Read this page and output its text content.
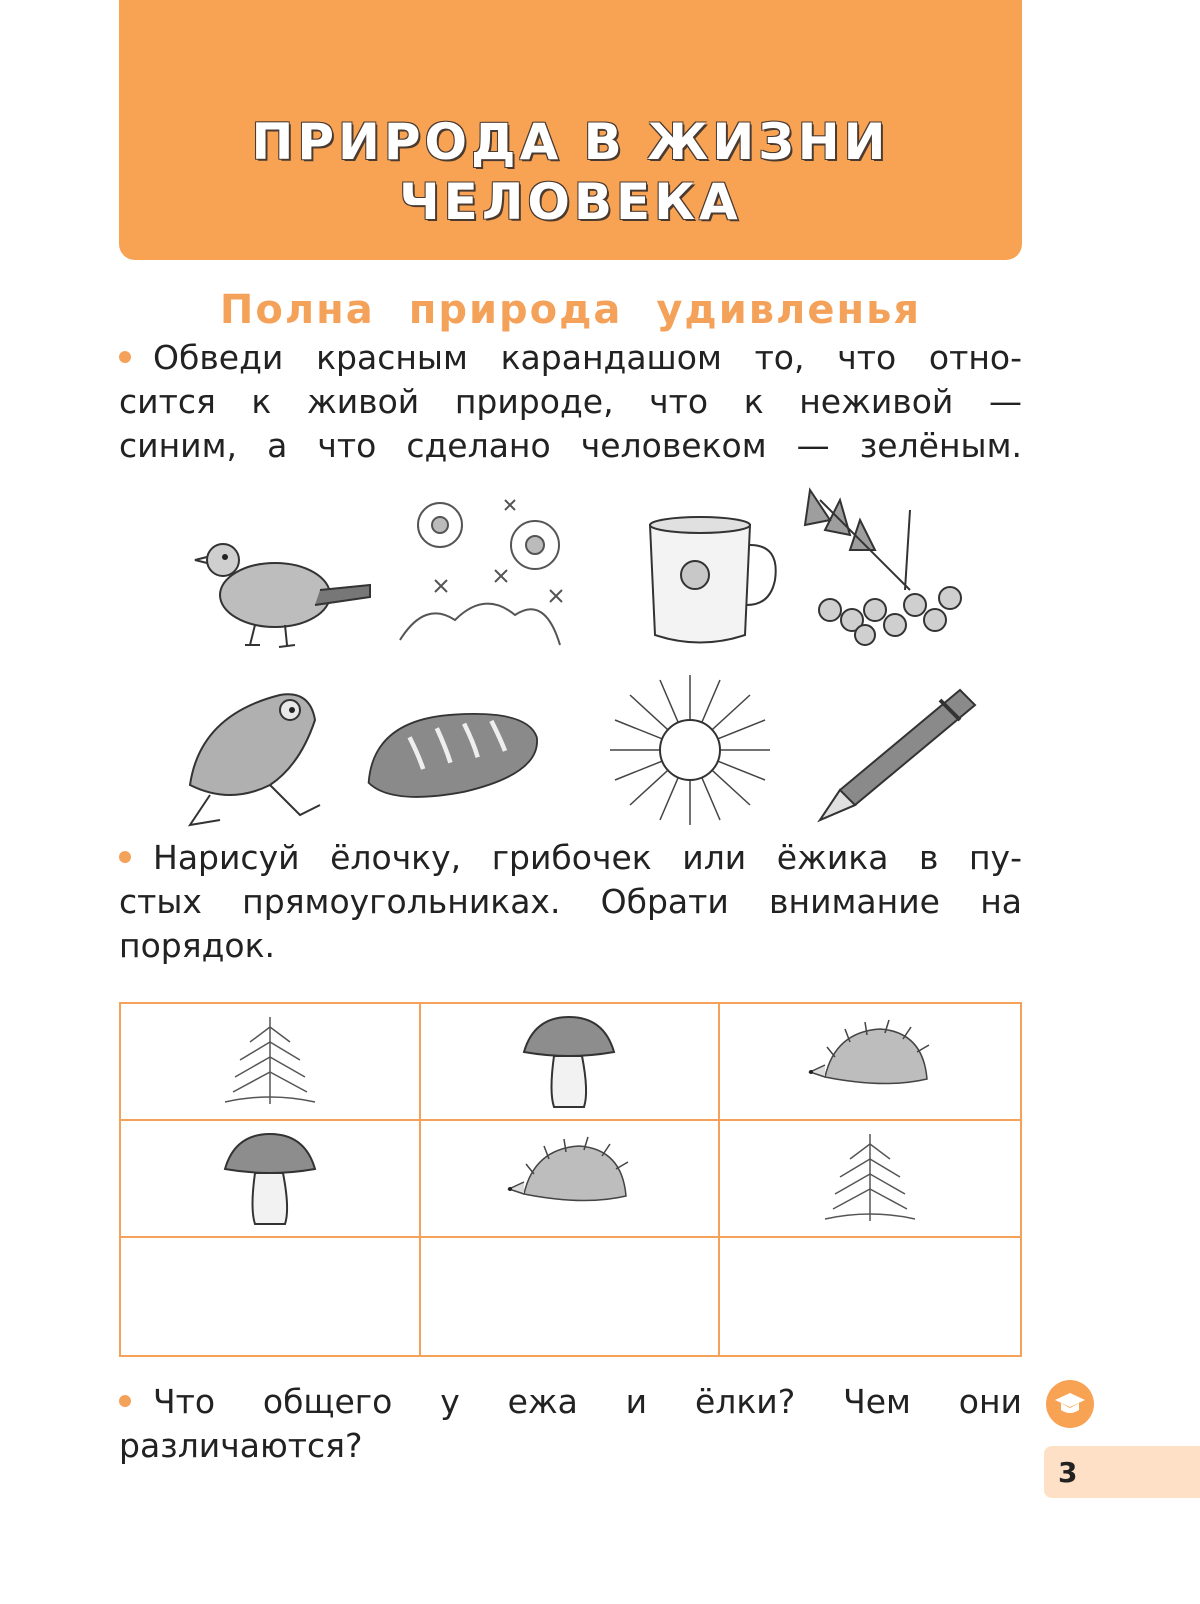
ПРИРОДА В ЖИЗНИ
ЧЕЛОВЕКА
Полна природа удивленья
Обведи красным карандашом то, что отно-
сится к живой природе, что к неживой —
синим, а что сделано человеком — зелёным.
Нарисуй ёлочку, грибочек или ёжика в пу-
стых прямоугольниках. Обрати внимание на
порядок.
Что общего у ежа и ёлки? Чем они
различаются?
3
